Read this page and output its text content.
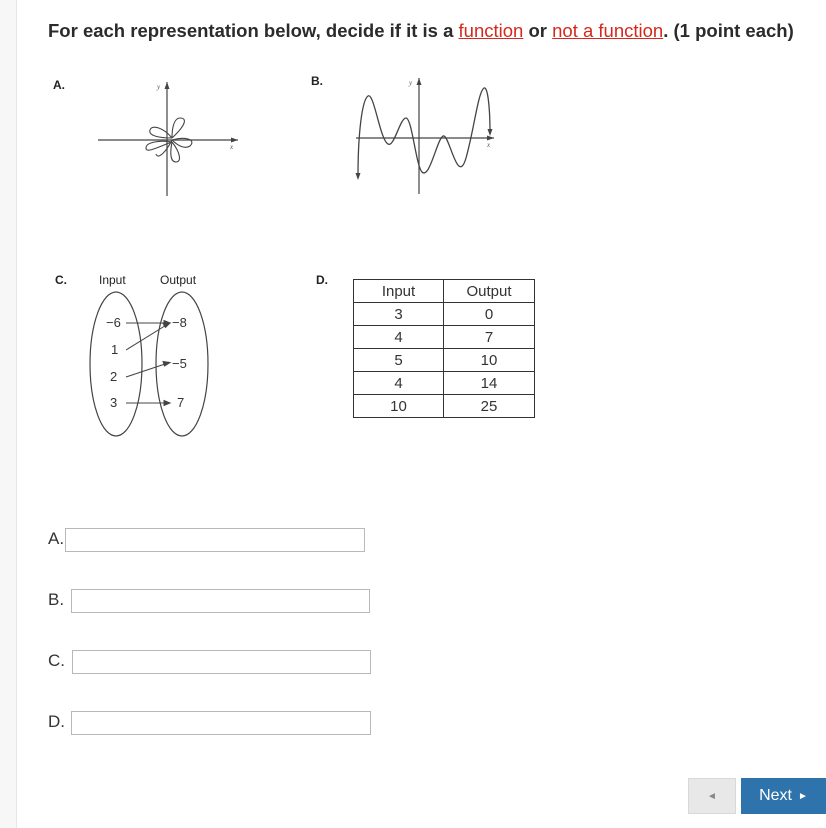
For each representation below, decide if it is a function or not a function. (1 point each)
A.	y
x
B.	y
x
C.	Input	Output
−6
1
2
3
−8
−5
7
D.
Input	Output
3	0
4	7
5	10
4	14
10	25
A.
B.
C.
D.
◄	Next ►
